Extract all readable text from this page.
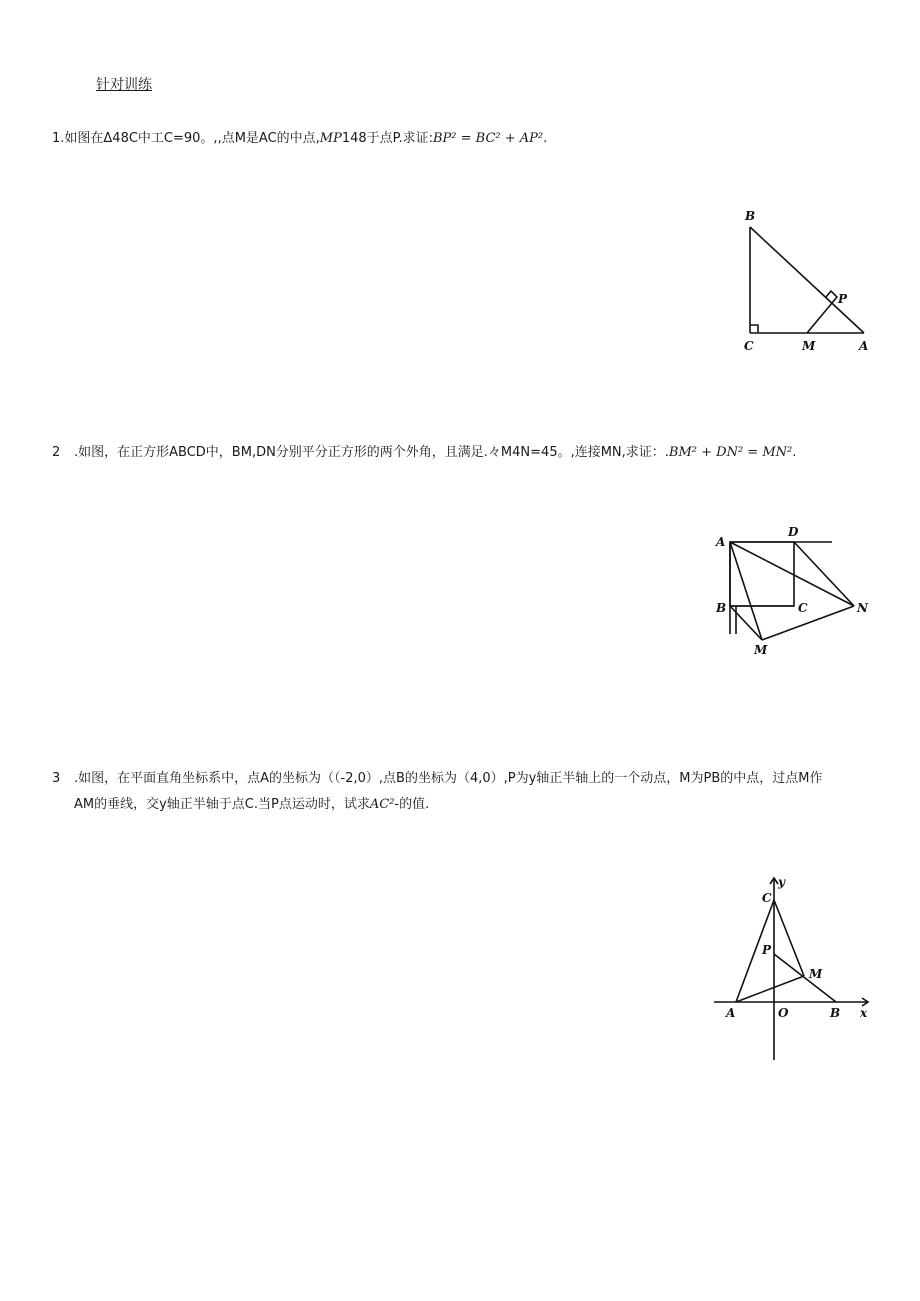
针对训练
1.如图在Δ48C中工C=90。,,点M是AC的中点,MP148于点P.求证:BP² = BC² + AP².
B
C	M	A
P
2 .如图，在正方形ABCD中，BM,DN分别平分正方形的两个外角，且满足.々M4N=45。,连接MN,求证：.BM² + DN² = MN².
A
D
B	C	N
M
3 .如图，在平面直角坐标系中，点A的坐标为（（-2,0）,点B的坐标为（4,0）,P为y轴正半轴上的一个动点，M为PB的中点，过点M作
AM的垂线，交y轴正半轴于点C.当P点运动时，试求AC²-的值.
C
y
P
M
A	O	B x
